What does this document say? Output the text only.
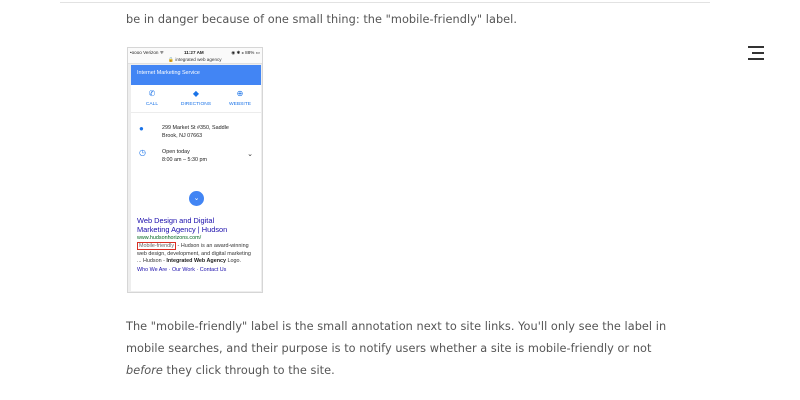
be in danger because of one small thing: the "mobile-friendly" label.

•oooo Verizon ᯤ	11:27 AM	◉ ✱ ⁎ 88% ▭
🔒 integrated web agency
Internet Marketing Service
✆
CALL
◆
DIRECTIONS
⊕
WEBSITE
●	299 Market St #350, Saddle
Brook, NJ 07663
◷	Open today
8:00 am – 5:30 pm
⌄
⌄
Web Design and Digital
Marketing Agency | Hudson
www.hudsonhorizons.com/
Mobile-friendly - Hudson is an award-winning web design, development, and digital marketing ... Hudson - Integrated Web Agency Logo.
Who We Are · Our Work · Contact Us

The "mobile-friendly" label is the small annotation next to site links. You'll only see the label in mobile searches, and their purpose is to notify users whether a site is mobile-friendly or not before they click through to the site.
